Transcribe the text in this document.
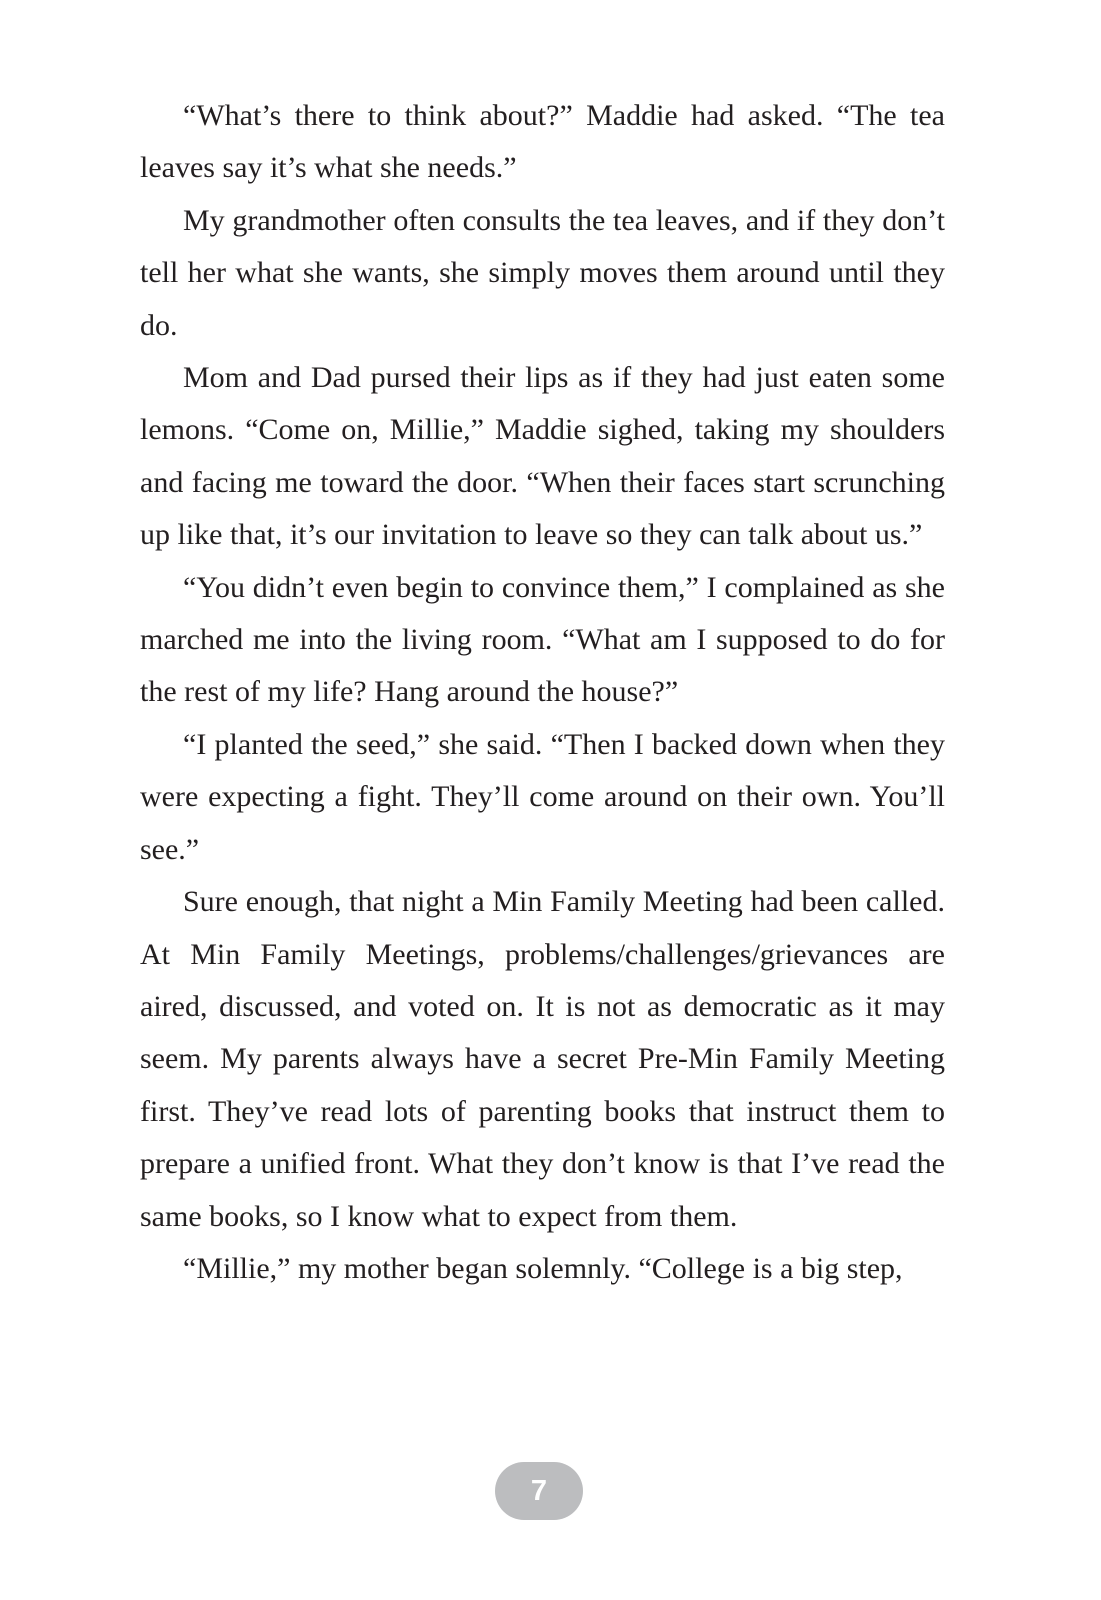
“What’s there to think about?” Maddie had asked. “The tea leaves say it’s what she needs.”

My grandmother often consults the tea leaves, and if they don’t tell her what she wants, she simply moves them around until they do.

Mom and Dad pursed their lips as if they had just eaten some lemons. “Come on, Millie,” Maddie sighed, taking my shoulders and facing me toward the door. “When their faces start scrunching up like that, it’s our invitation to leave so they can talk about us.”

“You didn’t even begin to convince them,” I complained as she marched me into the living room. “What am I supposed to do for the rest of my life? Hang around the house?”

“I planted the seed,” she said. “Then I backed down when they were expecting a fight. They’ll come around on their own. You’ll see.”

Sure enough, that night a Min Family Meeting had been called. At Min Family Meetings, problems/challenges/grievances are aired, discussed, and voted on. It is not as democratic as it may seem. My parents always have a secret Pre-Min Family Meeting first. They’ve read lots of parenting books that instruct them to prepare a unified front. What they don’t know is that I’ve read the same books, so I know what to expect from them.

“Millie,” my mother began solemnly. “College is a big step,

7
